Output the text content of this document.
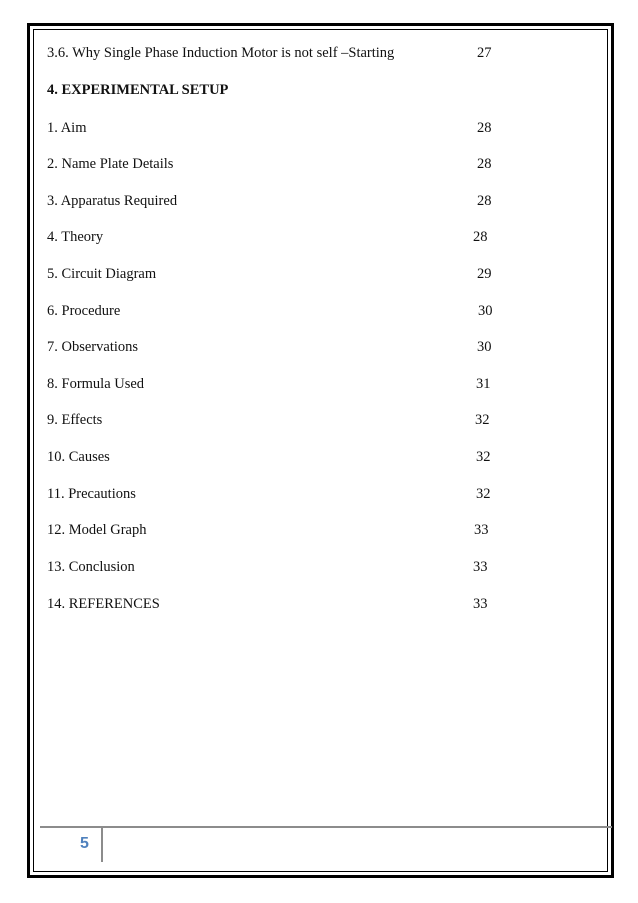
3.6. Why Single Phase Induction Motor is not self –Starting	27
4. EXPERIMENTAL SETUP
1. Aim	28
2. Name Plate Details	28
3. Apparatus Required	28
4. Theory	28
5. Circuit Diagram	29
6. Procedure	30
7. Observations	30
8. Formula Used	31
9. Effects	32
10. Causes	32
11. Precautions	32
12. Model Graph	33
13. Conclusion	33
14. REFERENCES	33
5
